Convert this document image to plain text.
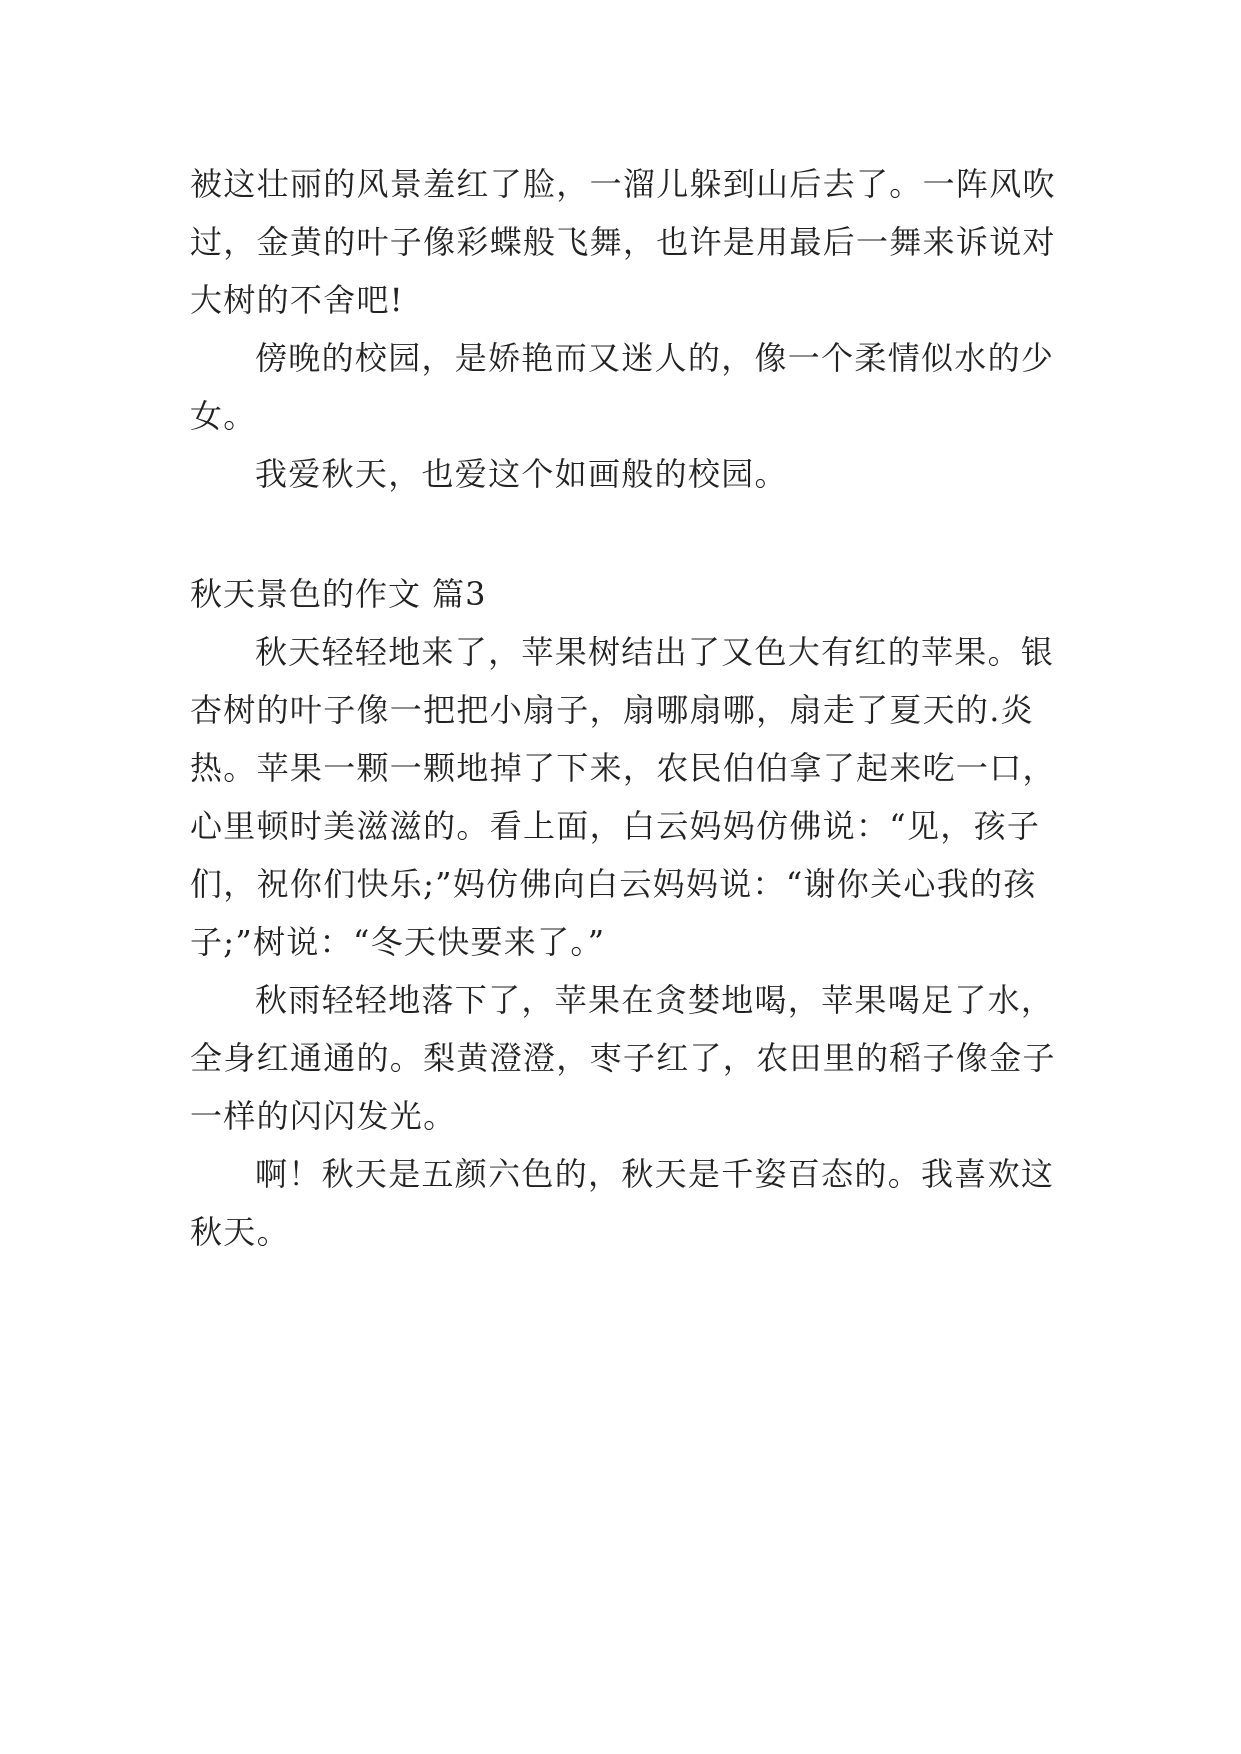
被这壮丽的风景羞红了脸，一溜儿躲到山后去了。一阵风吹

过，金黄的叶子像彩蝶般飞舞，也许是用最后一舞来诉说对

大树的不舍吧!

傍晚的校园，是娇艳而又迷人的，像一个柔情似水的少

女。

我爱秋天，也爱这个如画般的校园。

秋天景色的作文 篇3

秋天轻轻地来了，苹果树结出了又色大有红的苹果。银

杏树的叶子像一把把小扇子，扇哪扇哪，扇走了夏天的.炎

热。苹果一颗一颗地掉了下来，农民伯伯拿了起来吃一口，

心里顿时美滋滋的。看上面，白云妈妈仿佛说：“见，孩子

们，祝你们快乐;”妈仿佛向白云妈妈说：“谢你关心我的孩

子;”树说：“冬天快要来了。”

秋雨轻轻地落下了，苹果在贪婪地喝，苹果喝足了水，

全身红通通的。梨黄澄澄，枣子红了，农田里的稻子像金子

一样的闪闪发光。

啊！秋天是五颜六色的，秋天是千姿百态的。我喜欢这

秋天。
